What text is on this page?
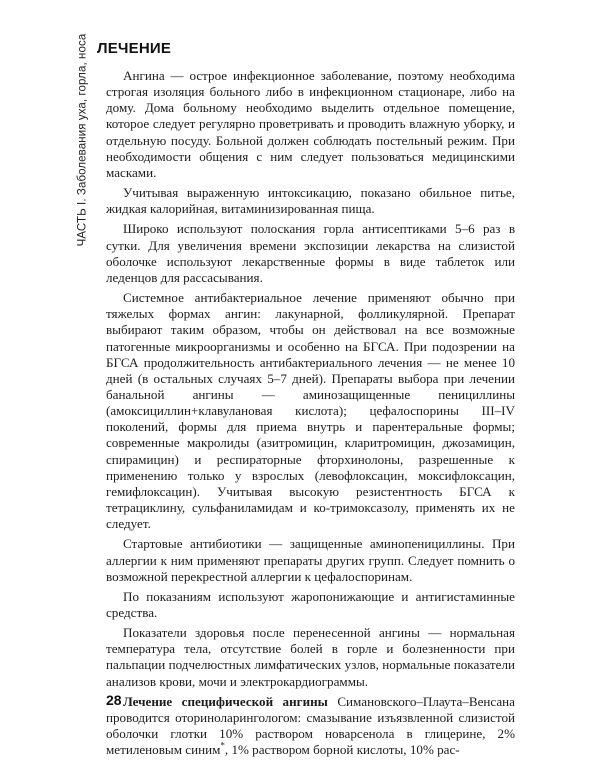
ЧАСТЬ I. Заболевания уха, горла, носа ЛЕЧЕНИЕ

Ангина — острое инфекционное заболевание, поэтому необходима строгая изоляция больного либо в инфекционном стационаре, либо на дому. Дома больному необходимо выделить отдельное помещение, которое следует регулярно проветривать и проводить влажную уборку, и отдельную посуду. Больной должен соблюдать постельный режим. При необходимости общения с ним следует пользоваться медицинскими масками.

Учитывая выраженную интоксикацию, показано обильное питье, жидкая калорийная, витаминизированная пища.

Широко используют полоскания горла антисептиками 5–6 раз в сутки. Для увеличения времени экспозиции лекарства на слизистой оболочке используют лекарственные формы в виде таблеток или леденцов для рассасывания.

Системное антибактериальное лечение применяют обычно при тяжелых формах ангин: лакунарной, фолликулярной. Препарат выбирают таким образом, чтобы он действовал на все возможные патогенные микроорганизмы и особенно на БГСА. При подозрении на БГСА продолжительность антибактериального лечения — не менее 10 дней (в остальных случаях 5–7 дней). Препараты выбора при лечении банальной ангины — аминозащищенные пенициллины (амоксициллин+клавулановая кислота); цефалоспорины III–IV поколений, формы для приема внутрь и парентеральные формы; современные макролиды (азитромицин, кларитромицин, джозамицин, спирамицин) и респираторные фторхинолоны, разрешенные к применению только у взрослых (левофлоксацин, моксифлоксацин, гемифлоксацин). Учитывая высокую резистентность БГСА к тетрациклину, сульфаниламидам и ко-тримоксазолу, применять их не следует.

Стартовые антибиотики — защищенные аминопенициллины. При аллергии к ним применяют препараты других групп. Следует помнить о возможной перекрестной аллергии к цефалоспоринам.

По показаниям используют жаропонижающие и антигистаминные средства.

Показатели здоровья после перенесенной ангины — нормальная температура тела, отсутствие болей в горле и болезненности при пальпации подчелюстных лимфатических узлов, нормальные показатели анализов крови, мочи и электрокардиограммы.

Лечение специфической ангины Симановского–Плаута–Венсана проводится оториноларингологом: смазывание изъязвленной слизистой оболочки глотки 10% раствором новарсенола в глицерине, 2% метиленовым синим*, 1% раствором борной кислоты, 10% рас-

28
